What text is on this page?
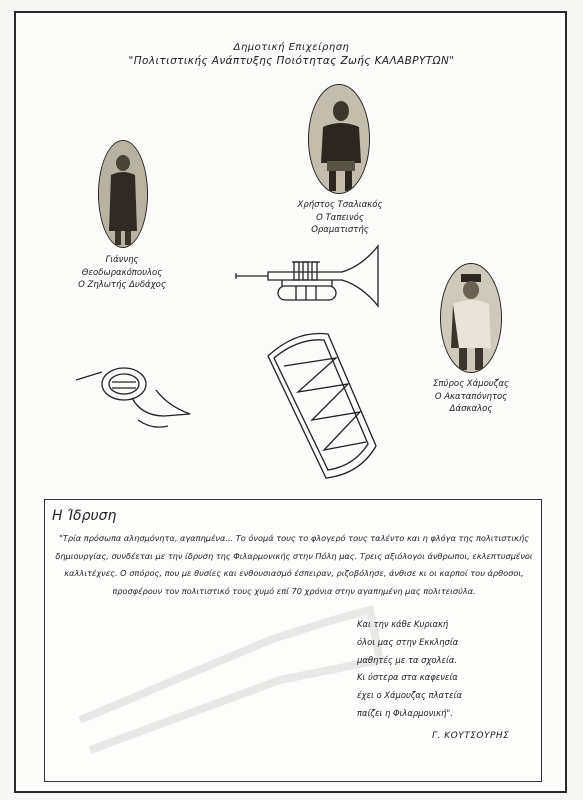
Δημοτική Επιχείρηση
"Πολιτιστικής Ανάπτυξης Ποιότητας Ζωής ΚΑΛΑΒΡΥΤΩΝ"
Γιάννης
Θεοδωρακόπουλος
Ο Ζηλωτής Δυδάχος
Χρήστος Τσαλιακός
Ο Ταπεινός
Οραματιστής
Σπύρος Χάμουζας
Ο Ακαταπόνητος
Δάσκαλος
Η Ίδρυση
"Τρία πρόσωπα αλησμόνητα, αγαπημένα... Το όνομά τους το φλογερό τους ταλέντο και η φλόγα της πολιτιστικής
δημιουργίας, συνδέεται με την ίδρυση της Φιλαρμονικής στην Πόλη μας. Τρεις αξιόλογοι άνθρωποι, εκλεπτυσμένοι
καλλιτέχνες. Ο σπόρος, που με θυσίες και ενθουσιασμό έσπειραν, ριζοβόλησε, άνθισε κι οι καρποί του άρθοσοι,
προσφέρουν τον πολιτιστικό τους χυμό επί 70 χρόνια στην αγαπημένη μας πολιτεισύλα.
Και την κάθε Κυριακή
όλοι μας στην Εκκλησία
μαθητές με τα σχολεία.
Κι ύστερα στα καφενεία
έχει ο Χάμουζας πλατεία
παίζει η Φιλαρμονική".
Γ. ΚΟΥΤΣΟΥΡΗΣ
